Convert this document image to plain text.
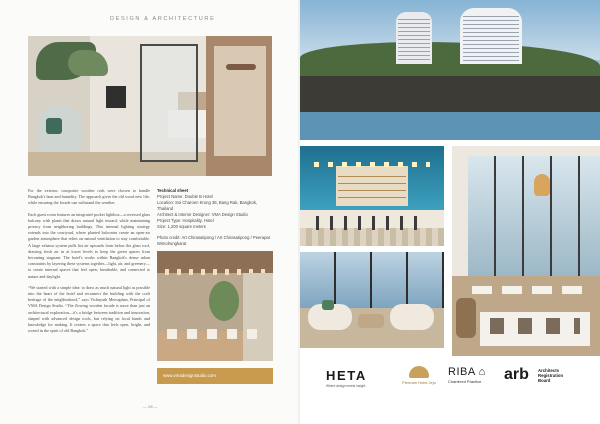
DESIGN & ARCHITECTURE

For the exterior, composite wooden rods were chosen to handle Bangkok's heat and humidity. The approach gives the old wood new life, while ensuring the facade can withstand the weather.

Each guest room features an integrated pocket lightbox—a recessed glass balcony with plants that draws natural light inward, while maintaining privacy from neighboring buildings. This internal lighting strategy extends into the courtyard, where planted balconies create an open-air garden atmosphere that relies on natural ventilation to stay comfortable. A large exhaust system pulls hot air upwards from below the glass roof, drawing fresh air in at lower levels to keep the green spaces from becoming stagnant. The hotel's works within Bangkok's dense urban constraints by layering these systems together—light, air, and greenery—to create internal spaces that feel open, breathable, and connected to nature and daylight.

“We started with a simple idea: to draw as much natural light as possible into the heart of the hotel and reconnect the building with the craft heritage of the neighborhood,” says Vichayuth Meesaphan, Principal of VMA Design Studio. “The flowing wooden facade is more than just an architectural exploration—it's a bridge between tradition and innovation, shaped with advanced design tools, but relying on local hands and knowledge for making. It creates a space that feels open, bright, and rooted in the spirit of old Bangkok.”

Technical sheet
Project Name: Double B Hotel
Location: Soi Charoen Krung 38, Bang Rak, Bangkok, Thailand
Architect & Interior Designer: VMA Design Studio
Project Type: Hospitality, Hotel
Size: 1,200 square meters
Photo credit: Art Chirasatipong / Art Chirasatipong / Peerapat Wimolrungkarat
www.vmadesignstudio.com
— 28 —
HETA
Where design meets insight
Pierman Hotel Jeju
RIBA ⌂
Chartered Practice	arb Architects
Registration
Board
